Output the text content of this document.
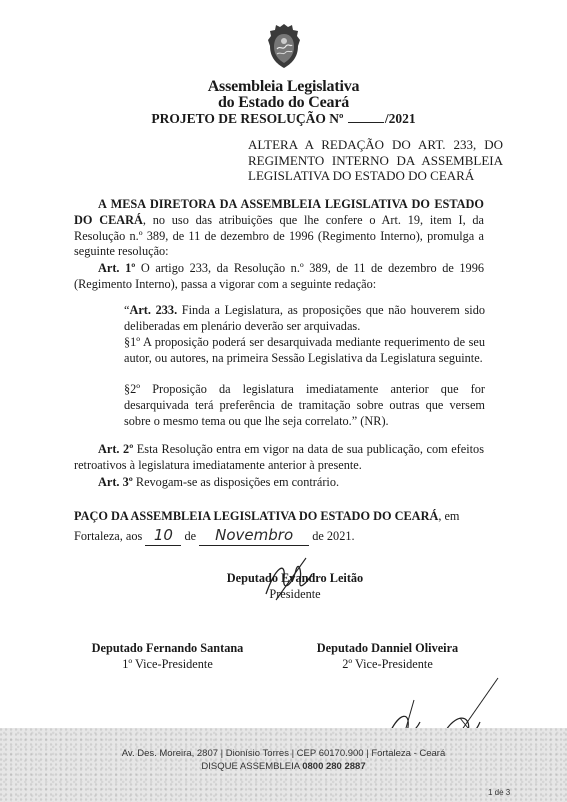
Assembleia Legislativa
do Estado do Ceará
PROJETO DE RESOLUÇÃO Nº	/2021
ALTERA A REDAÇÃO DO ART. 233, DO REGIMENTO INTERNO DA ASSEMBLEIA LEGISLATIVA DO ESTADO DO CEARÁ
A MESA DIRETORA DA ASSEMBLEIA LEGISLATIVA DO ESTADO DO CEARÁ, no uso das atribuições que lhe confere o Art. 19, item I, da Resolução n.º 389, de 11 de dezembro de 1996 (Regimento Interno), promulga a seguinte resolução:
Art. 1º O artigo 233, da Resolução n.º 389, de 11 de dezembro de 1996 (Regimento Interno), passa a vigorar com a seguinte redação:
“Art. 233. Finda a Legislatura, as proposições que não houverem sido deliberadas em plenário deverão ser arquivadas.
§1º A proposição poderá ser desarquivada mediante requerimento de seu autor, ou autores, na primeira Sessão Legislativa da Legislatura seguinte.
§2º Proposição da legislatura imediatamente anterior que for desarquivada terá preferência de tramitação sobre outras que versem sobre o mesmo tema ou que lhe seja correlato.” (NR).
Art. 2º Esta Resolução entra em vigor na data de sua publicação, com efeitos retroativos à legislatura imediatamente anterior à presente.
Art. 3º Revogam-se as disposições em contrário.
PAÇO DA ASSEMBLEIA LEGISLATIVA DO ESTADO DO CEARÁ, em
Fortaleza, aos 10 de Novembro de 2021.
Deputado Evandro Leitão
Presidente
Deputado Fernando Santana
1º Vice-Presidente
Deputado Danniel Oliveira
2º Vice-Presidente
Av. Des. Moreira, 2807 | Dionísio Torres | CEP 60170.900 | Fortaleza - Ceará
DISQUE ASSEMBLEIA 0800 280 2887
1 de 3
